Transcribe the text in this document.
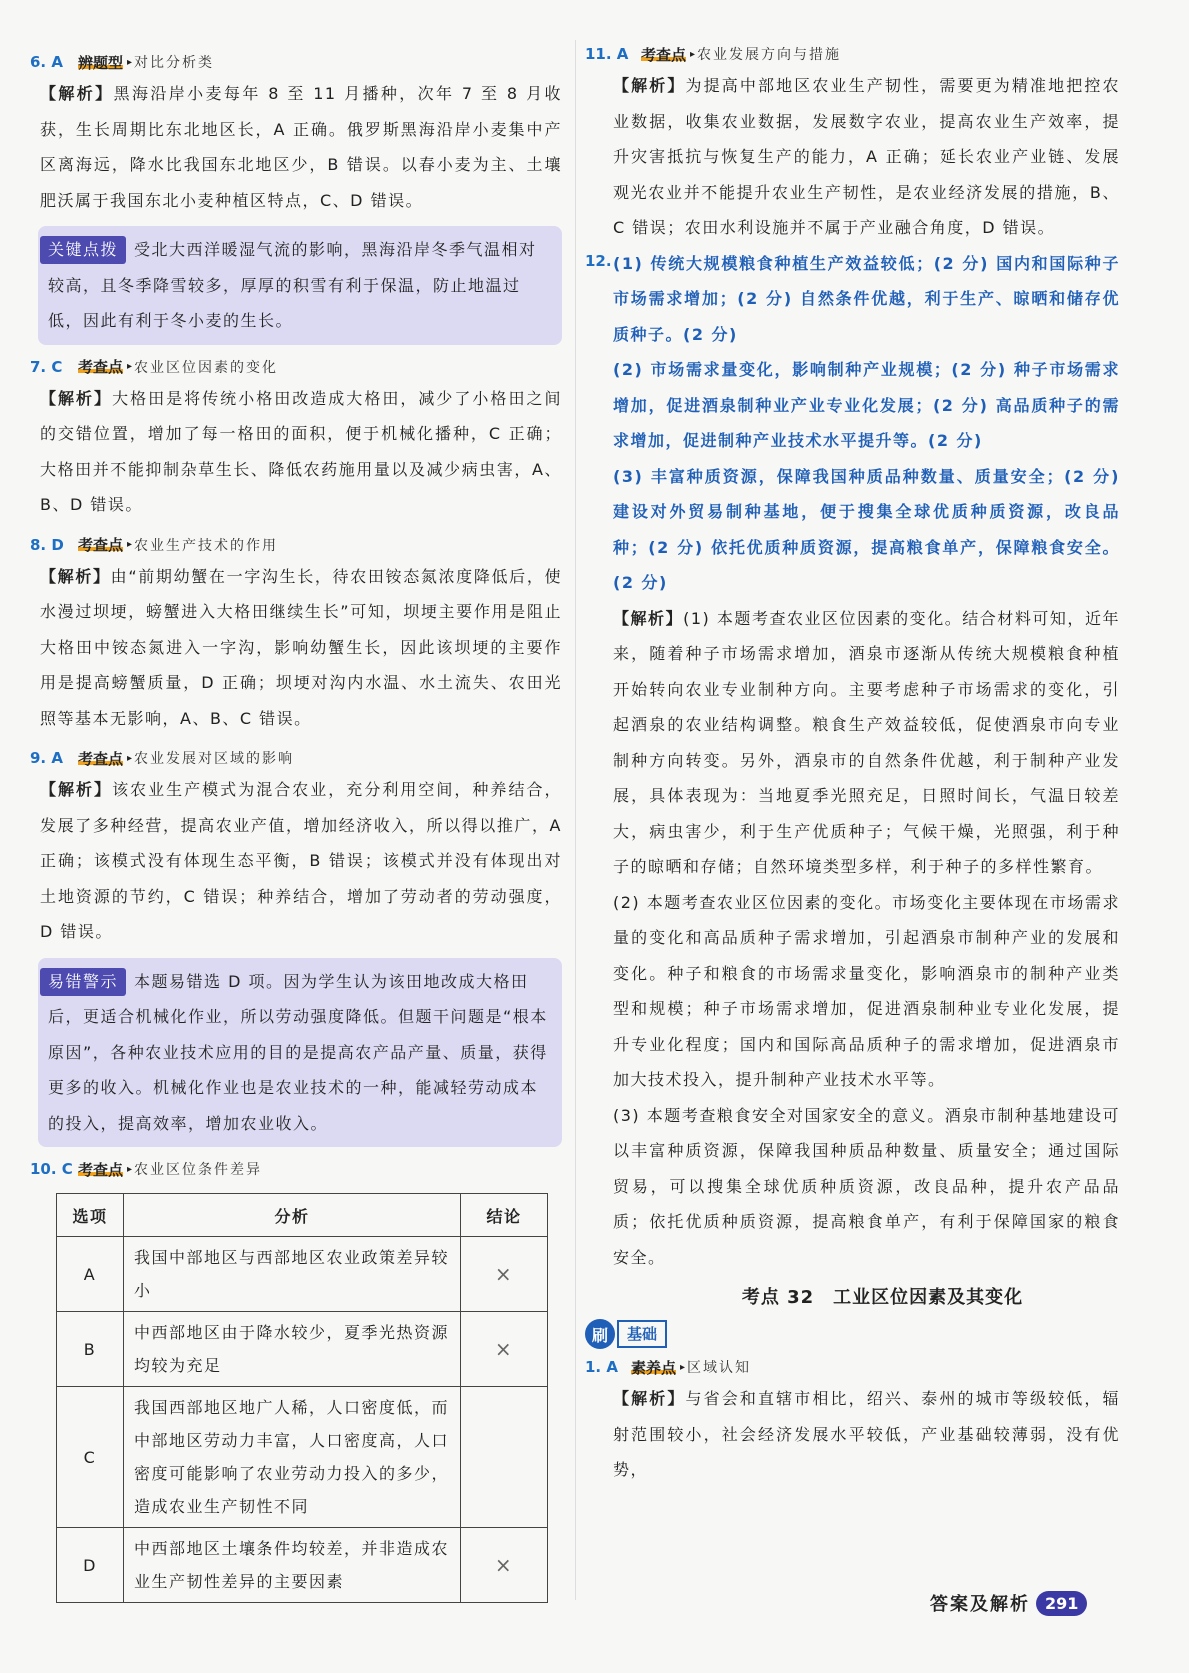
6. A	辨题型 ▸ 对比分析类

【解析】黑海沿岸小麦每年 8 至 11 月播种，次年 7 至 8 月收获，生长周期比东北地区长，A 正确。俄罗斯黑海沿岸小麦集中产区离海远，降水比我国东北地区少，B 错误。以春小麦为主、土壤肥沃属于我国东北小麦种植区特点，C、D 错误。

关键点拨 受北大西洋暖湿气流的影响，黑海沿岸冬季气温相对较高，且冬季降雪较多，厚厚的积雪有利于保温，防止地温过低，因此有利于冬小麦的生长。

7. C	考查点 ▸ 农业区位因素的变化

【解析】大格田是将传统小格田改造成大格田，减少了小格田之间的交错位置，增加了每一格田的面积，便于机械化播种，C 正确；大格田并不能抑制杂草生长、降低农药施用量以及减少病虫害，A、B、D 错误。

8. D 考查点 ▸ 农业生产技术的作用

【解析】由“前期幼蟹在一字沟生长，待农田铵态氮浓度降低后，使水漫过坝埂，螃蟹进入大格田继续生长”可知，坝埂主要作用是阻止大格田中铵态氮进入一字沟，影响幼蟹生长，因此该坝埂的主要作用是提高螃蟹质量，D 正确；坝埂对沟内水温、水土流失、农田光照等基本无影响，A、B、C 错误。

9. A	考查点 ▸ 农业发展对区域的影响

【解析】该农业生产模式为混合农业，充分利用空间，种养结合，发展了多种经营，提高农业产值，增加经济收入，所以得以推广，A 正确；该模式没有体现生态平衡，B 错误；该模式并没有体现出对土地资源的节约，C 错误；种养结合，增加了劳动者的劳动强度，D 错误。

易错警示 本题易错选 D 项。因为学生认为该田地改成大格田后，更适合机械化作业，所以劳动强度降低。但题干问题是“根本原因”，各种农业技术应用的目的是提高农产品产量、质量，获得更多的收入。机械化作业也是农业技术的一种，能减轻劳动成本的投入，提高效率，增加农业收入。

10. C 考查点 ▸ 农业区位条件差异
选项	分析	结论
A	我国中部地区与西部地区农业政策差异较小	×
B	中西部地区由于降水较少，夏季光热资源均较为充足	×
C	我国西部地区地广人稀，人口密度低，而中部地区劳动力丰富，人口密度高，人口密度可能影响了农业劳动力投入的多少，造成农业生产韧性不同	
D	中西部地区土壤条件均较差，并非造成农业生产韧性差异的主要因素	×
11. A 考查点 ▸ 农业发展方向与措施

【解析】为提高中部地区农业生产韧性，需要更为精准地把控农业数据，收集农业数据，发展数字农业，提高农业生产效率，提升灾害抵抗与恢复生产的能力，A 正确；延长农业产业链、发展观光农业并不能提升农业生产韧性，是农业经济发展的措施，B、C 错误；农田水利设施并不属于产业融合角度，D 错误。

12. (1) 传统大规模粮食种植生产效益较低；(2 分) 国内和国际种子市场需求增加；(2 分) 自然条件优越，利于生产、晾晒和储存优质种子。(2 分)

(2) 市场需求量变化，影响制种产业规模；(2 分) 种子市场需求增加，促进酒泉制种业产业专业化发展；(2 分) 高品质种子的需求增加，促进制种产业技术水平提升等。(2 分)

(3) 丰富种质资源，保障我国种质品种数量、质量安全；(2 分) 建设对外贸易制种基地，便于搜集全球优质种质资源，改良品种；(2 分) 依托优质种质资源，提高粮食单产，保障粮食安全。(2 分)

【解析】(1) 本题考查农业区位因素的变化。结合材料可知，近年来，随着种子市场需求增加，酒泉市逐渐从传统大规模粮食种植开始转向农业专业制种方向。主要考虑种子市场需求的变化，引起酒泉的农业结构调整。粮食生产效益较低，促使酒泉市向专业制种方向转变。另外，酒泉市的自然条件优越，利于制种产业发展，具体表现为：当地夏季光照充足，日照时间长，气温日较差大，病虫害少，利于生产优质种子；气候干燥，光照强，利于种子的晾晒和存储；自然环境类型多样，利于种子的多样性繁育。

(2) 本题考查农业区位因素的变化。市场变化主要体现在市场需求量的变化和高品质种子需求增加，引起酒泉市制种产业的发展和变化。种子和粮食的市场需求量变化，影响酒泉市的制种产业类型和规模；种子市场需求增加，促进酒泉制种业专业化发展，提升专业化程度；国内和国际高品质种子的需求增加，促进酒泉市加大技术投入，提升制种产业技术水平等。

(3) 本题考查粮食安全对国家安全的意义。酒泉市制种基地建设可以丰富种质资源，保障我国种质品种数量、质量安全；通过国际贸易，可以搜集全球优质种质资源，改良品种，提升农产品品质；依托优质种质资源，提高粮食单产，有利于保障国家的粮食安全。

考点 32　工业区位因素及其变化
刷	基础
1. A 素养点 ▸ 区域认知

【解析】与省会和直辖市相比，绍兴、泰州的城市等级较低，辐射范围较小，社会经济发展水平较低，产业基础较薄弱，没有优势，

答案及解析 291
